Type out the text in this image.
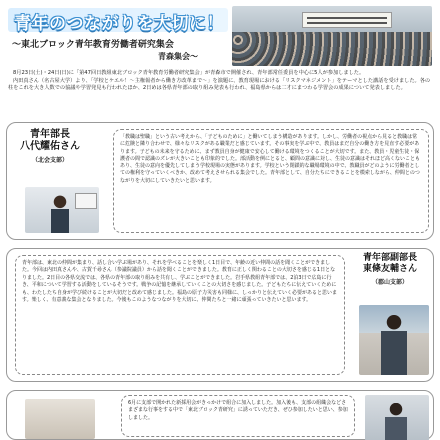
青年のつながりを大切に！
～東北ブロック青年教育労働者研究集会
青森集会～

8月23日(土)・24日(日)に「第47回日教組東北ブロック青年教育労働者研究集会」が青森市で開催され、青年部常任委員を中心に5人が参加しました。

内田真さん（名古屋大学）より、「学校とケエル！～主権報者から働き方改革まで～」を演題に、教育現場における「リスクマネジメント」をテーマとした講話を受けました。各の柱をこれを大き人数での協議や学習発見も行われたほか、2日めは各県青年部の取り組み発表も行われ、福島県からは二才にまつわる学習会の成果について発表しました。

青年部長
八代耀佑さん
（北会支部）
「教職は聖職」という古い考えから、「子どものために」と働いてしまう構造があります。しかし、労働者の視点から見ると教職は常に危険と隣り合わせで、様々なリスクがある職業だと感じています。その事実を学ぶ中で、教員はまだ自分の働き方を見直す必要があります。子どもの未来を守るために、まず教員自身が健康で安心して働ける環境をつくることが大切です。また、教員・児童生徒・保護者の間で認識のズレが大きいことも印象的でした。部活動を例にとると、顧問の意識に対し、生徒の意識はそれほど高くないこともあり、生徒の意向を優先してしまう学校現場の実態があります。学校という閉鎖的な職場環境の中で、教職員がどのように労働者としての権利を守っていくべきか、改めて考えさせられる集会でした。青年部として、自分たちにできることを模索しながら、仲間とのつながりを大切にしていきたいと思います。
青年部は、東北の仲間が集まり、話し合い学ぶ場があり、それを学べることを楽しく1日目で、年齢の近い仲間の話を聞くことができました。今回は内田真さんや、古賀千尋さん（参議院議員）から話を聞くことができました。教育に正しく関わることの大切さを感じる1日となりました。2日目の各県交流では、各県の青年部の取り組みを共有し、学ぶことができました。岩手県教組青年部では、2泊3日で広島に行き、平和について学習する活動をしているそうです。戦争の記憶を継承していくことの大切さを感じました。子どもたちに伝えていくためにも、わたしたち自身が学び続けることが大切だと改めて感じました。福島の原子力災害も同様に、しっかりと伝えていく必要があると思います。楽しく、有意義な集会となりました。今後もこのようなつながりを大切に、仲間たちと一緒に頑張っていきたいと思います。
青年部副部長
東條友輔さん
（郡山支部）
6月に支部で開かれた新採用会がきっかけで組合に加入しました。加入後も、支部の組織会などさまざまな行事をする中で「東北ブロック青研究」に誘っていただき、ぜひ参加したいと思い、参加しました。
